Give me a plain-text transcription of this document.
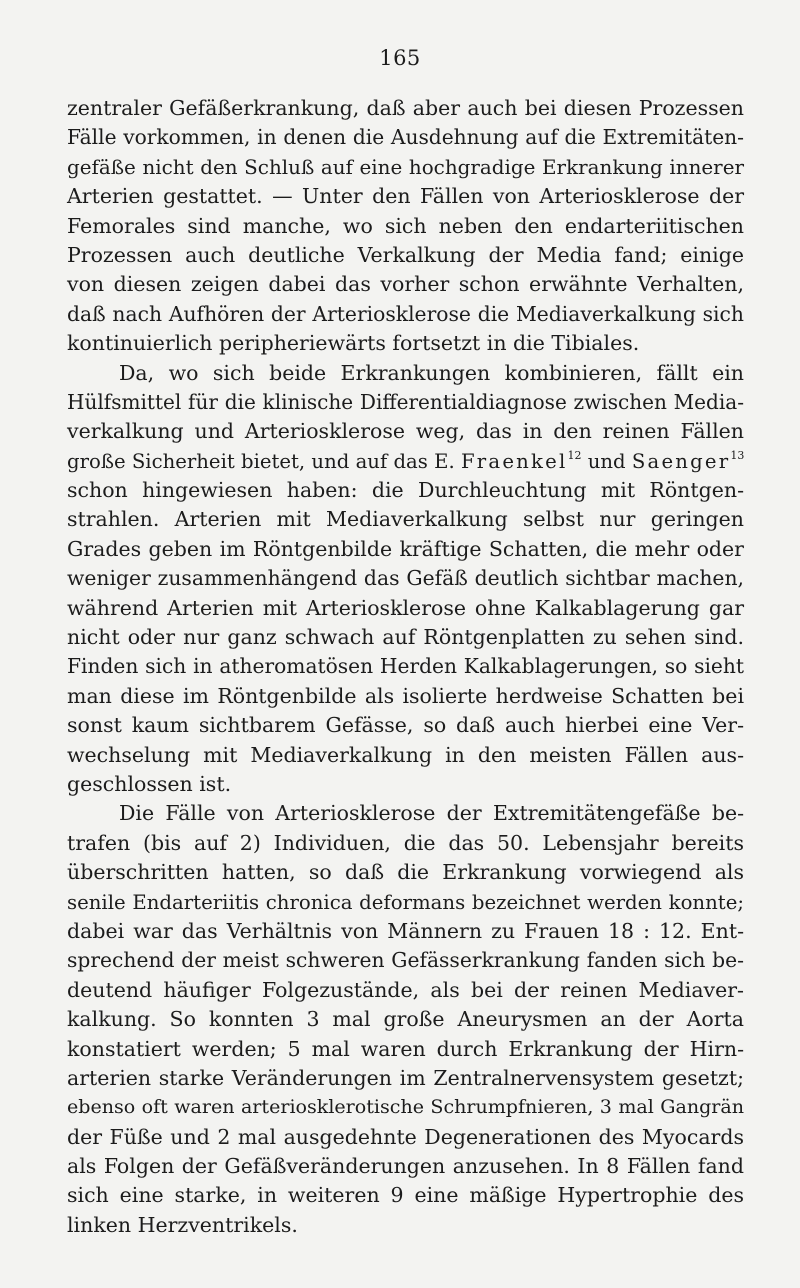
165
zentraler Gefäßerkrankung, daß aber auch bei diesen Prozessen
Fälle vorkommen, in denen die Ausdehnung auf die Extremitäten-
gefäße nicht den Schluß auf eine hochgradige Erkrankung innerer
Arterien gestattet. — Unter den Fällen von Arteriosklerose der
Femorales sind manche, wo sich neben den endarteriitischen
Prozessen auch deutliche Verkalkung der Media fand; einige
von diesen zeigen dabei das vorher schon erwähnte Verhalten,
daß nach Aufhören der Arteriosklerose die Mediaverkalkung sich
kontinuierlich peripheriewärts fortsetzt in die Tibiales.
Da, wo sich beide Erkrankungen kombinieren, fällt ein
Hülfsmittel für die klinische Differentialdiagnose zwischen Media-
verkalkung und Arteriosklerose weg, das in den reinen Fällen
große Sicherheit bietet, und auf das E. Fraenkel$^{12}$ und Saenger$^{13}$
schon hingewiesen haben: die Durchleuchtung mit Röntgen-
strahlen. Arterien mit Mediaverkalkung selbst nur geringen
Grades geben im Röntgenbilde kräftige Schatten, die mehr oder
weniger zusammenhängend das Gefäß deutlich sichtbar machen,
während Arterien mit Arteriosklerose ohne Kalkablagerung gar
nicht oder nur ganz schwach auf Röntgenplatten zu sehen sind.
Finden sich in atheromatösen Herden Kalkablagerungen, so sieht
man diese im Röntgenbilde als isolierte herdweise Schatten bei
sonst kaum sichtbarem Gefässe, so daß auch hierbei eine Ver-
wechselung mit Mediaverkalkung in den meisten Fällen aus-
geschlossen ist.
Die Fälle von Arteriosklerose der Extremitätengefäße be-
trafen (bis auf 2) Individuen, die das 50. Lebensjahr bereits
überschritten hatten, so daß die Erkrankung vorwiegend als
senile Endarteriitis chronica deformans bezeichnet werden konnte;
dabei war das Verhältnis von Männern zu Frauen 18 : 12. Ent-
sprechend der meist schweren Gefässerkrankung fanden sich be-
deutend häufiger Folgezustände, als bei der reinen Mediaver-
kalkung. So konnten 3 mal große Aneurysmen an der Aorta
konstatiert werden; 5 mal waren durch Erkrankung der Hirn-
arterien starke Veränderungen im Zentralnervensystem gesetzt;
ebenso oft waren arteriosklerotische Schrumpfnieren, 3 mal Gangrän
der Füße und 2 mal ausgedehnte Degenerationen des Myocards
als Folgen der Gefäßveränderungen anzusehen. In 8 Fällen fand
sich eine starke, in weiteren 9 eine mäßige Hypertrophie des
linken Herzventrikels.
